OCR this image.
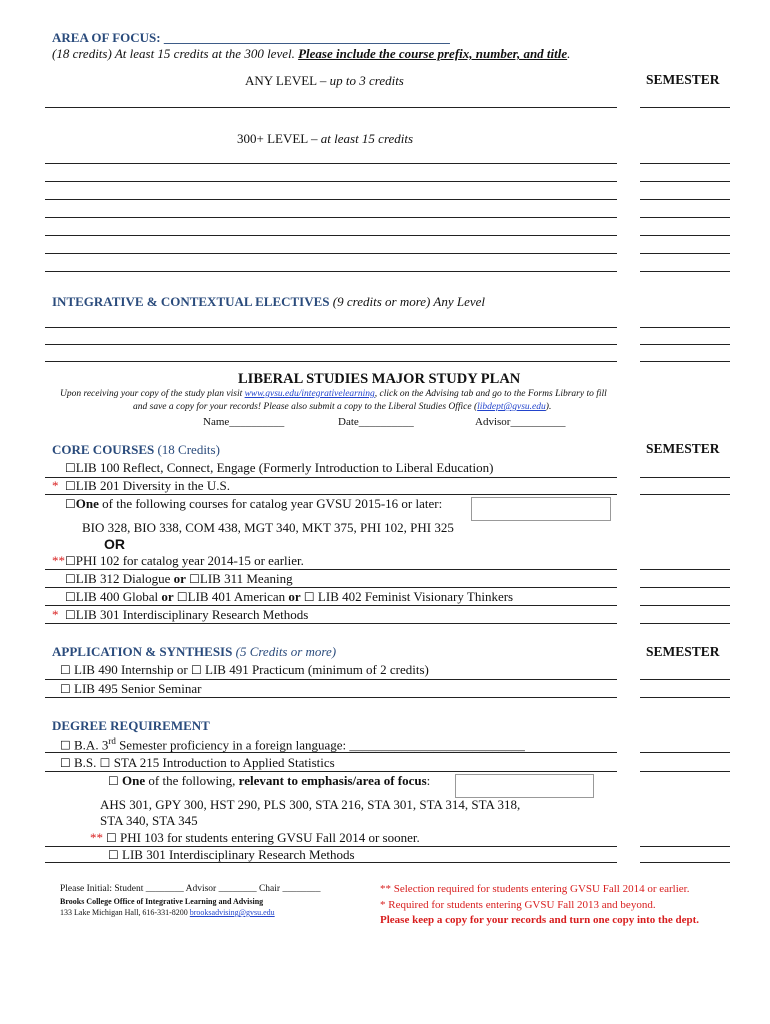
AREA OF FOCUS: ____________________________________________
(18 credits) At least 15 credits at the 300 level. Please include the course prefix, number, and title.
ANY LEVEL – up to 3 credits	SEMESTER
300+ LEVEL – at least 15 credits
INTEGRATIVE & CONTEXTUAL ELECTIVES (9 credits or more) Any Level
LIBERAL STUDIES MAJOR STUDY PLAN
Upon receiving your copy of the study plan visit www.gvsu.edu/integrativelearning, click on the Advising tab and go to the Forms Library to fill
and save a copy for your records! Please also submit a copy to the Liberal Studies Office (libdept@gvsu.edu).
Name__________	Date__________	Advisor__________
CORE COURSES (18 Credits)	SEMESTER
☐LIB 100 Reflect, Connect, Engage (Formerly Introduction to Liberal Education)
* ☐LIB 201 Diversity in the U.S.
☐One of the following courses for catalog year GVSU 2015-16 or later:
BIO 328, BIO 338, COM 438, MGT 340, MKT 375, PHI 102, PHI 325
OR
** ☐PHI 102 for catalog year 2014-15 or earlier.
☐LIB 312 Dialogue or ☐LIB 311 Meaning
☐LIB 400 Global or ☐LIB 401 American or ☐ LIB 402 Feminist Visionary Thinkers
* ☐LIB 301 Interdisciplinary Research Methods
APPLICATION & SYNTHESIS (5 Credits or more)	SEMESTER
☐ LIB 490 Internship or ☐ LIB 491 Practicum (minimum of 2 credits)
☐ LIB 495 Senior Seminar
DEGREE REQUIREMENT
☐ B.A. 3rd Semester proficiency in a foreign language: ___________________________
☐ B.S. ☐ STA 215 Introduction to Applied Statistics
☐ One of the following, relevant to emphasis/area of focus:
AHS 301, GPY 300, HST 290, PLS 300, STA 216, STA 301, STA 314, STA 318,
STA 340, STA 345
** ☐ PHI 103 for students entering GVSU Fall 2014 or sooner.
☐ LIB 301 Interdisciplinary Research Methods
Please Initial: Student ________ Advisor ________ Chair ________
Brooks College Office of Integrative Learning and Advising
133 Lake Michigan Hall, 616-331-8200 brooksadvising@gvsu.edu
** Selection required for students entering GVSU Fall 2014 or earlier.
* Required for students entering GVSU Fall 2013 and beyond.
Please keep a copy for your records and turn one copy into the dept.
